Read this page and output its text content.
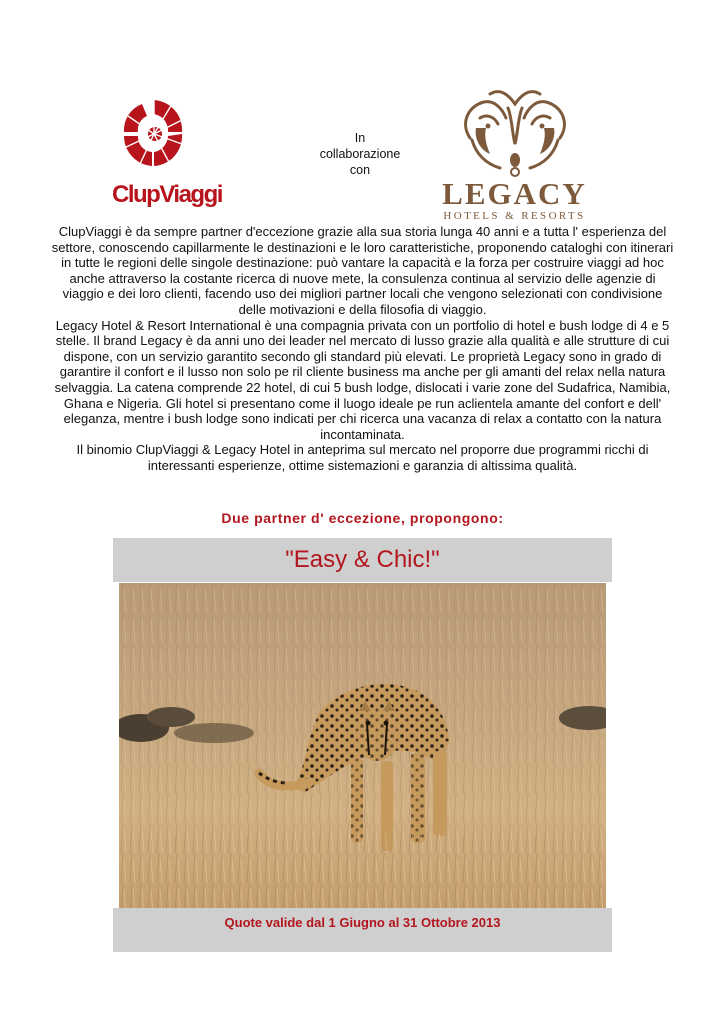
ClupViaggi
In
collaborazione
con
LEGACY
HOTELS & RESORTS

ClupViaggi è da sempre partner d'eccezione grazie alla sua storia lunga 40 anni e a tutta l' esperienza del settore, conoscendo capillarmente le destinazioni e le loro caratteristiche, proponendo cataloghi con itinerari in tutte le regioni delle singole destinazione: può vantare la capacità e la forza per costruire viaggi ad hoc anche attraverso la costante ricerca di nuove mete, la consulenza continua al servizio delle agenzie di viaggio e dei loro clienti, facendo uso dei migliori partner locali che vengono selezionati con condivisione delle motivazioni e della filosofia di viaggio.

Legacy Hotel & Resort International è una compagnia privata con un portfolio di hotel e bush lodge di 4 e 5 stelle. Il brand Legacy è da anni uno dei leader nel mercato di lusso grazie alla qualità e alle strutture di cui dispone, con un servizio garantito secondo gli standard più elevati. Le proprietà Legacy sono in grado di garantire il confort e il lusso non solo pe ril cliente business ma anche per gli amanti del relax nella natura selvaggia. La catena comprende 22 hotel, di cui 5 bush lodge, dislocati i varie zone del Sudafrica, Namibia, Ghana e Nigeria. Gli hotel si presentano come il luogo ideale pe run aclientela amante del confort e dell' eleganza, mentre i bush lodge sono indicati per chi ricerca una vacanza di relax a contatto con la natura incontaminata.

Il binomio ClupViaggi & Legacy Hotel in anteprima sul mercato nel proporre due programmi ricchi di interessanti esperienze, ottime sistemazioni e garanzia di altissima qualità.

Due partner d' eccezione, propongono:
"Easy & Chic!"
Quote valide dal 1 Giugno al 31 Ottobre 2013
